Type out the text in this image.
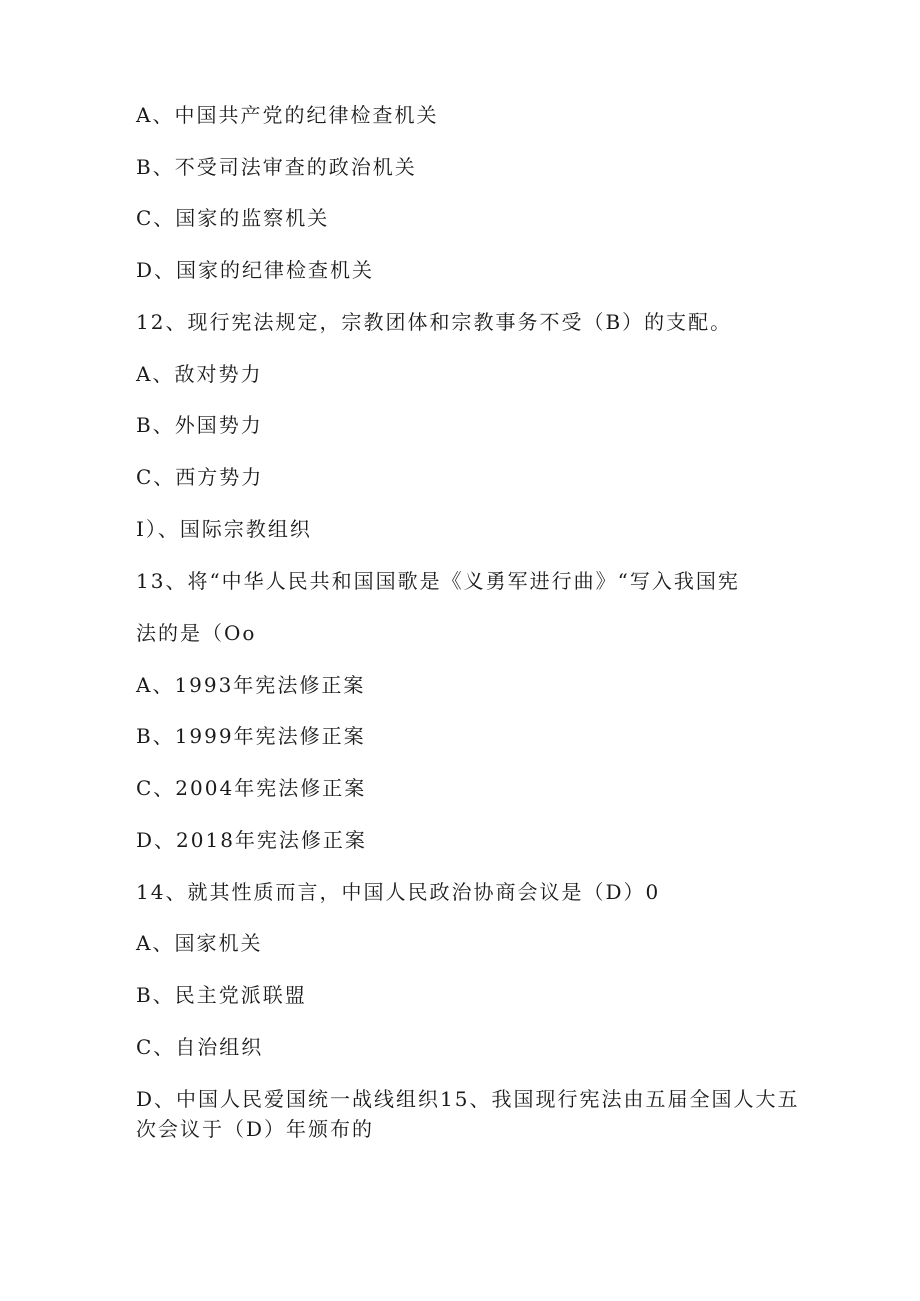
A、中国共产党的纪律检查机关
B、不受司法审查的政治机关
C、国家的监察机关
D、国家的纪律检查机关
12、现行宪法规定，宗教团体和宗教事务不受（B）的支配。
A、敌对势力
B、外国势力
C、西方势力
I）、国际宗教组织
13、将“中华人民共和国国歌是《义勇军进行曲》“写入我国宪
法的是（Oo
A、1993年宪法修正案
B、1999年宪法修正案
C、2004年宪法修正案
D、2018年宪法修正案
14、就其性质而言，中国人民政治协商会议是（D）0
A、国家机关
B、民主党派联盟
C、自治组织
D、中国人民爱国统一战线组织15、我国现行宪法由五届全国人大五
次会议于（D）年颁布的
